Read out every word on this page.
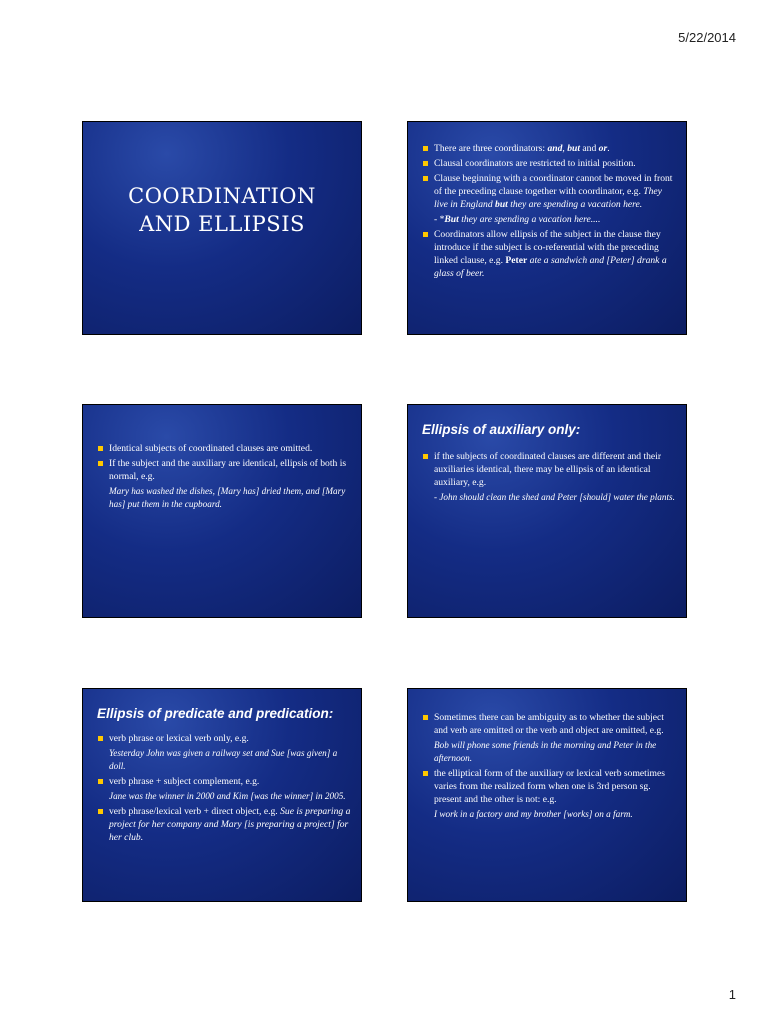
5/22/2014
COORDINATION
AND ELLIPSIS
There are three coordinators: and, but and or.
Clausal coordinators are restricted to initial position.
Clause beginning with a coordinator cannot be moved in front of the preceding clause together with coordinator, e.g. They live in England but they are spending a vacation here.
- *But they are spending a vacation here....
Coordinators allow ellipsis of the subject in the clause they introduce if the subject is co-referential with the preceding linked clause, e.g. Peter ate a sandwich and [Peter] drank a glass of beer.
Identical subjects of coordinated clauses are omitted.
If the subject and the auxiliary are identical, ellipsis of both is normal, e.g.
Mary has washed the dishes, [Mary has] dried them, and [Mary has] put them in the cupboard.
Ellipsis of auxiliary only:
if the subjects of coordinated clauses are different and their auxiliaries identical, there may be ellipsis of an identical auxiliary, e.g.
- John should clean the shed and Peter [should] water the plants.
Ellipsis of predicate and predication:
verb phrase or lexical verb only, e.g.
Yesterday John was given a railway set and Sue [was given] a doll.
verb phrase + subject complement, e.g.
Jane was the winner in 2000 and Kim [was the winner] in 2005.
verb phrase/lexical verb + direct object, e.g. Sue is preparing a project for her company and Mary [is preparing a project] for her club.
Sometimes there can be ambiguity as to whether the subject and verb are omitted or the verb and object are omitted, e.g.
Bob will phone some friends in the morning and Peter in the afternoon.
the elliptical form of the auxiliary or lexical verb sometimes varies from the realized form when one is 3rd person sg. present and the other is not: e.g.
I work in a factory and my brother [works] on a farm.
1
